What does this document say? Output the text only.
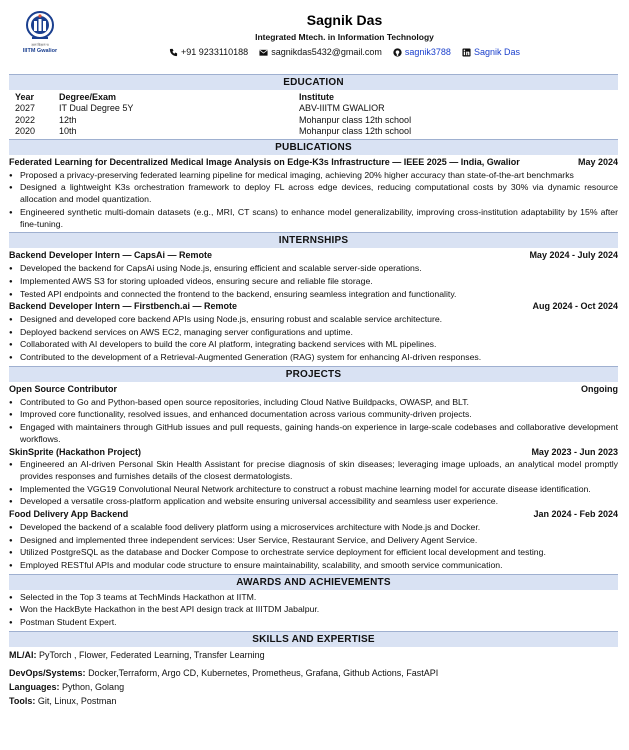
ज्ञानं विज्ञानं च
IIITM Gwalior
Sagnik Das
Integrated Mtech. in Information Technology
+91 9233110188	sagnikdas5432@gmail.com	sagnik3788	Sagnik Das
EDUCATION
Year	Degree/Exam	Institute
2027	IT Dual Degree 5Y	ABV-IIITM GWALIOR
2022	12th	Mohanpur class 12th school
2020	10th	Mohanpur class 12th school
PUBLICATIONS
Federated Learning for Decentralized Medical Image Analysis on Edge-K3s Infrastructure — IEEE 2025 — India, Gwalior	May 2024
● Proposed a privacy-preserving federated learning pipeline for medical imaging, achieving 20% higher accuracy than state-of-the-art benchmarks
● Designed a lightweight K3s orchestration framework to deploy FL across edge devices, reducing computational costs by 30% via dynamic resource allocation and model quantization.
● Engineered synthetic multi-domain datasets (e.g., MRI, CT scans) to enhance model generalizability, improving cross-institution adaptability by 15% after fine-tuning.
INTERNSHIPS
Backend Developer Intern — CapsAi — Remote	May 2024 - July 2024
● Developed the backend for CapsAi using Node.js, ensuring efficient and scalable server-side operations.
● Implemented AWS S3 for storing uploaded videos, ensuring secure and reliable file storage.
● Tested API endpoints and connected the frontend to the backend, ensuring seamless integration and functionality.
Backend Developer Intern — Firstbench.ai — Remote	Aug 2024 - Oct 2024
● Designed and developed core backend APIs using Node.js, ensuring robust and scalable service architecture.
● Deployed backend services on AWS EC2, managing server configurations and uptime.
● Collaborated with AI developers to build the core AI platform, integrating backend services with ML pipelines.
● Contributed to the development of a Retrieval-Augmented Generation (RAG) system for enhancing AI-driven responses.
PROJECTS
Open Source Contributor	Ongoing
● Contributed to Go and Python-based open source repositories, including Cloud Native Buildpacks, OWASP, and BLT.
● Improved core functionality, resolved issues, and enhanced documentation across various community-driven projects.
● Engaged with maintainers through GitHub issues and pull requests, gaining hands-on experience in large-scale codebases and collaborative development workflows.
SkinSprite (Hackathon Project)	May 2023 - Jun 2023
● Engineered an AI-driven Personal Skin Health Assistant for precise diagnosis of skin diseases; leveraging image uploads, an analytical model promptly provides responses and furnishes details of the closest dermatologists.
● Implemented the VGG19 Convolutional Neural Network architecture to construct a robust machine learning model for accurate disease identification.
● Developed a versatile cross-platform application and website ensuring universal accessibility and seamless user experience.
Food Delivery App Backend	Jan 2024 - Feb 2024
● Developed the backend of a scalable food delivery platform using a microservices architecture with Node.js and Docker.
● Designed and implemented three independent services: User Service, Restaurant Service, and Delivery Agent Service.
● Utilized PostgreSQL as the database and Docker Compose to orchestrate service deployment for efficient local development and testing.
● Employed RESTful APIs and modular code structure to ensure maintainability, scalability, and smooth service communication.
AWARDS AND ACHIEVEMENTS
● Selected in the Top 3 teams at TechMinds Hackathon at IITM.
● Won the HackByte Hackathon in the best API design track at IIITDM Jabalpur.
● Postman Student Expert.
SKILLS AND EXPERTISE
ML/AI: PyTorch , Flower, Federated Learning, Transfer Learning
DevOps/Systems: Docker,Terraform, Argo CD, Kubernetes, Prometheus, Grafana, Github Actions, FastAPI
Languages: Python, Golang
Tools: Git, Linux, Postman
